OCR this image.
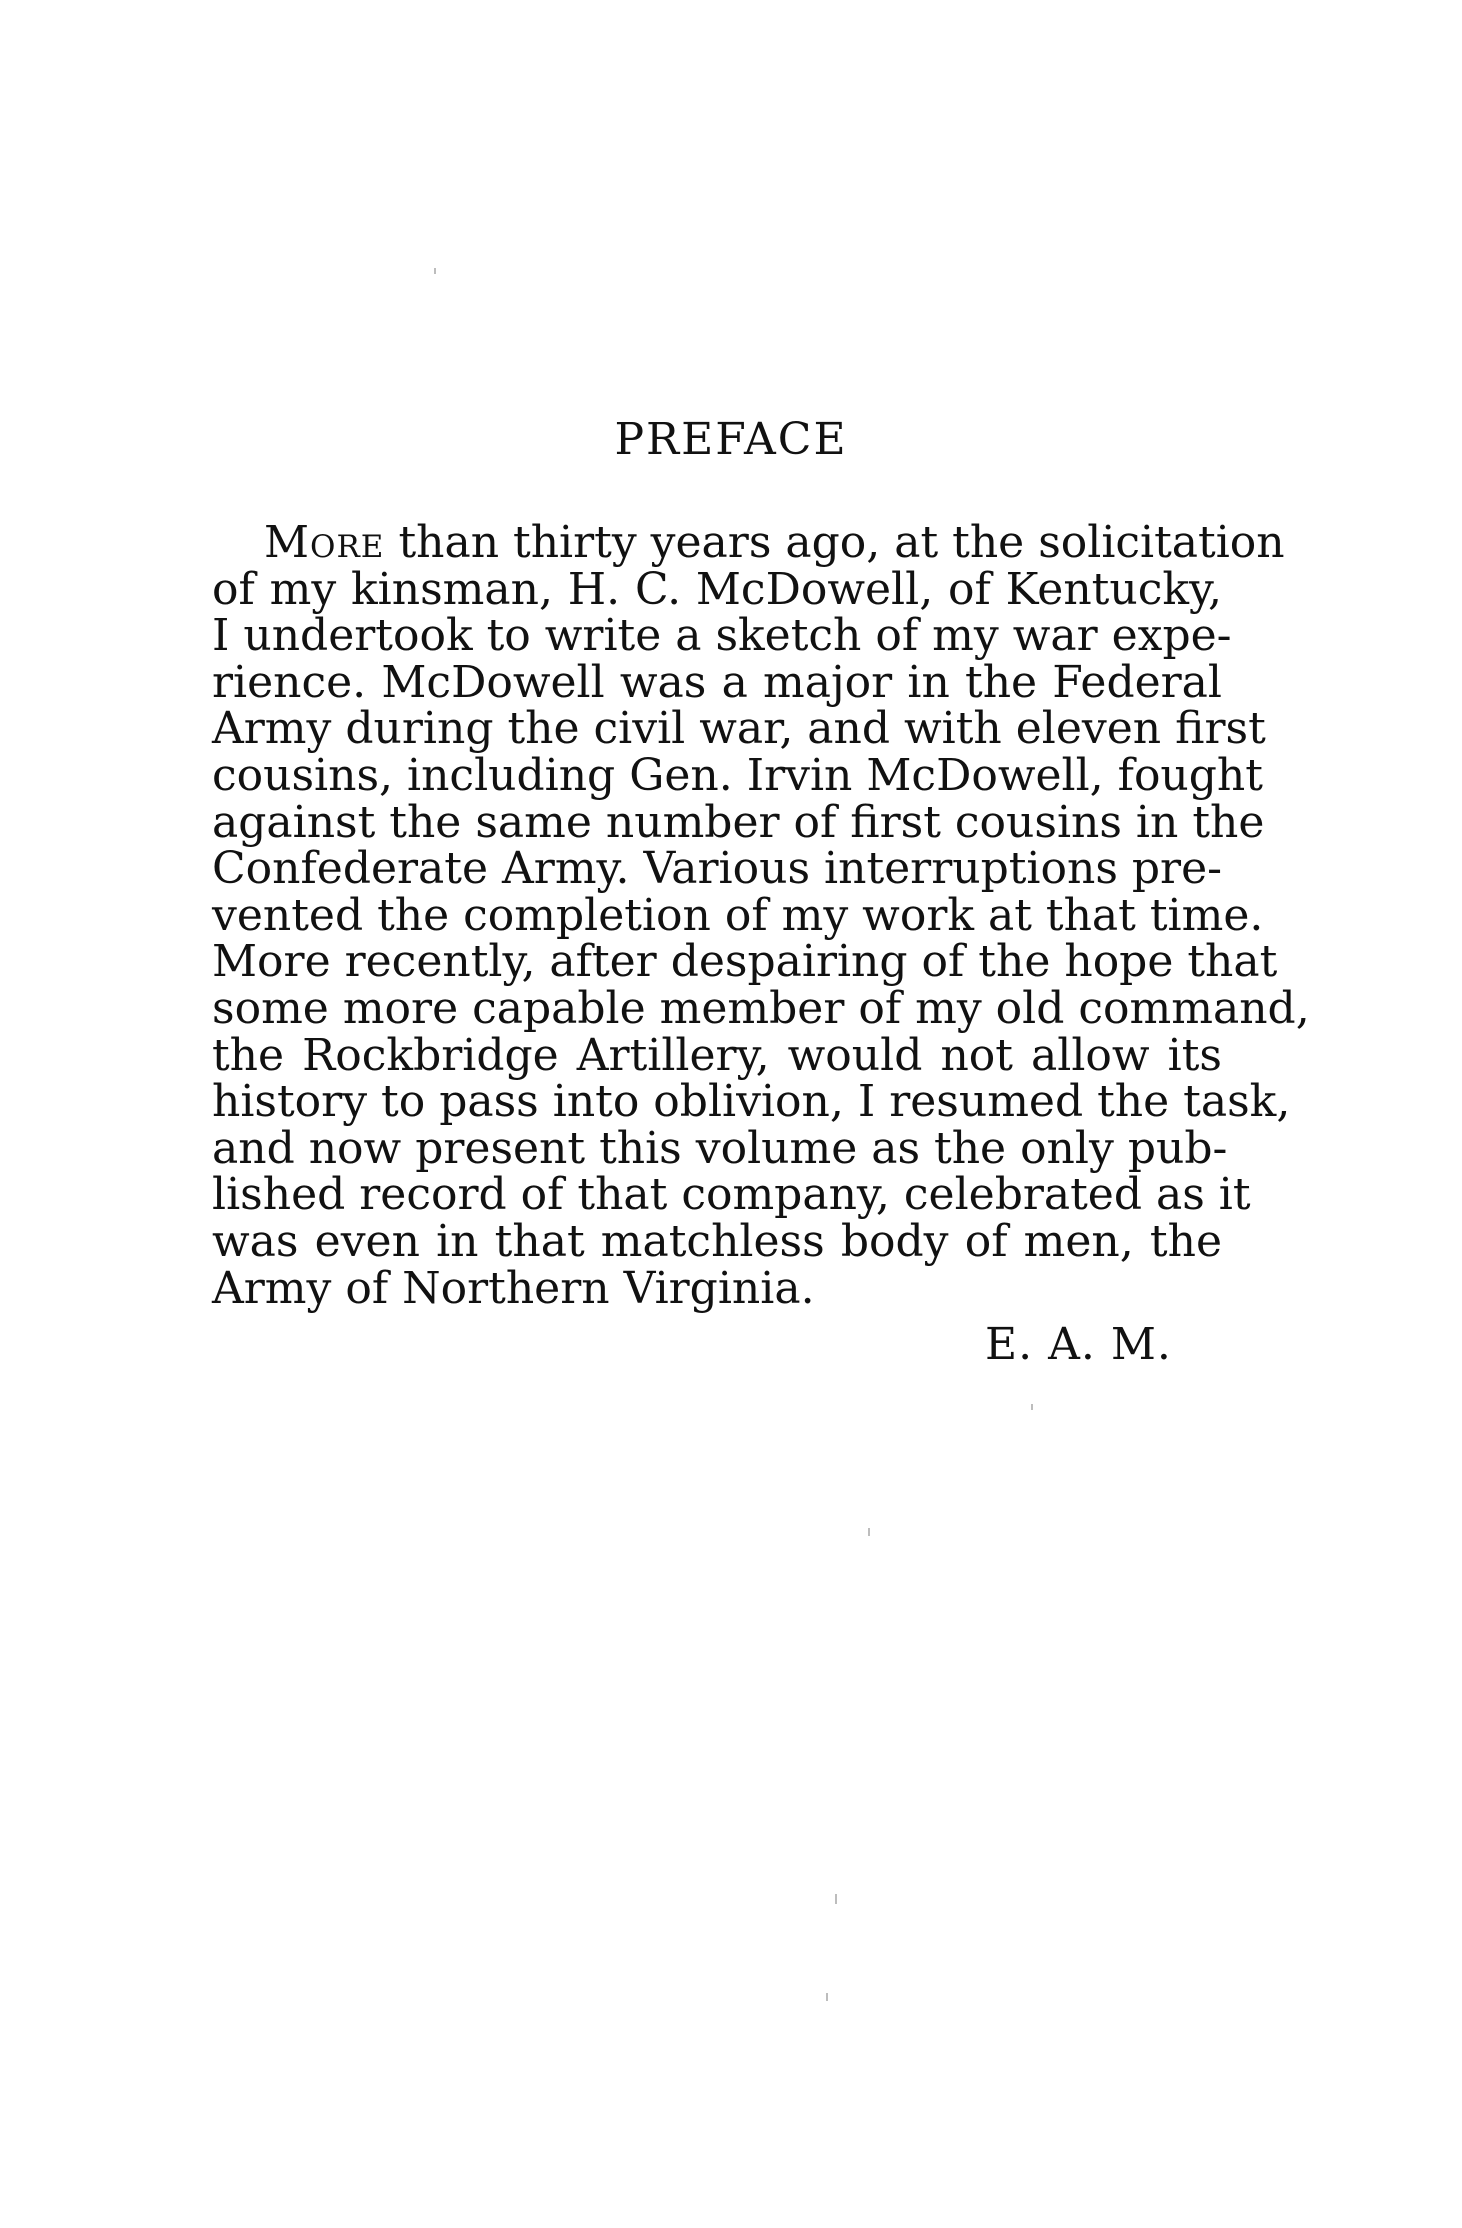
PREFACE
More than thirty years ago, at the solicitation
of my kinsman, H. C. McDowell, of Kentucky,
I undertook to write a sketch of my war expe-
rience. McDowell was a major in the Federal
Army during the civil war, and with eleven first
cousins, including Gen. Irvin McDowell, fought
against the same number of first cousins in the
Confederate Army. Various interruptions pre-
vented the completion of my work at that time.
More recently, after despairing of the hope that
some more capable member of my old command,
the Rockbridge Artillery, would not allow its
history to pass into oblivion, I resumed the task,
and now present this volume as the only pub-
lished record of that company, celebrated as it
was even in that matchless body of men, the
Army of Northern Virginia.
E. A. M.
